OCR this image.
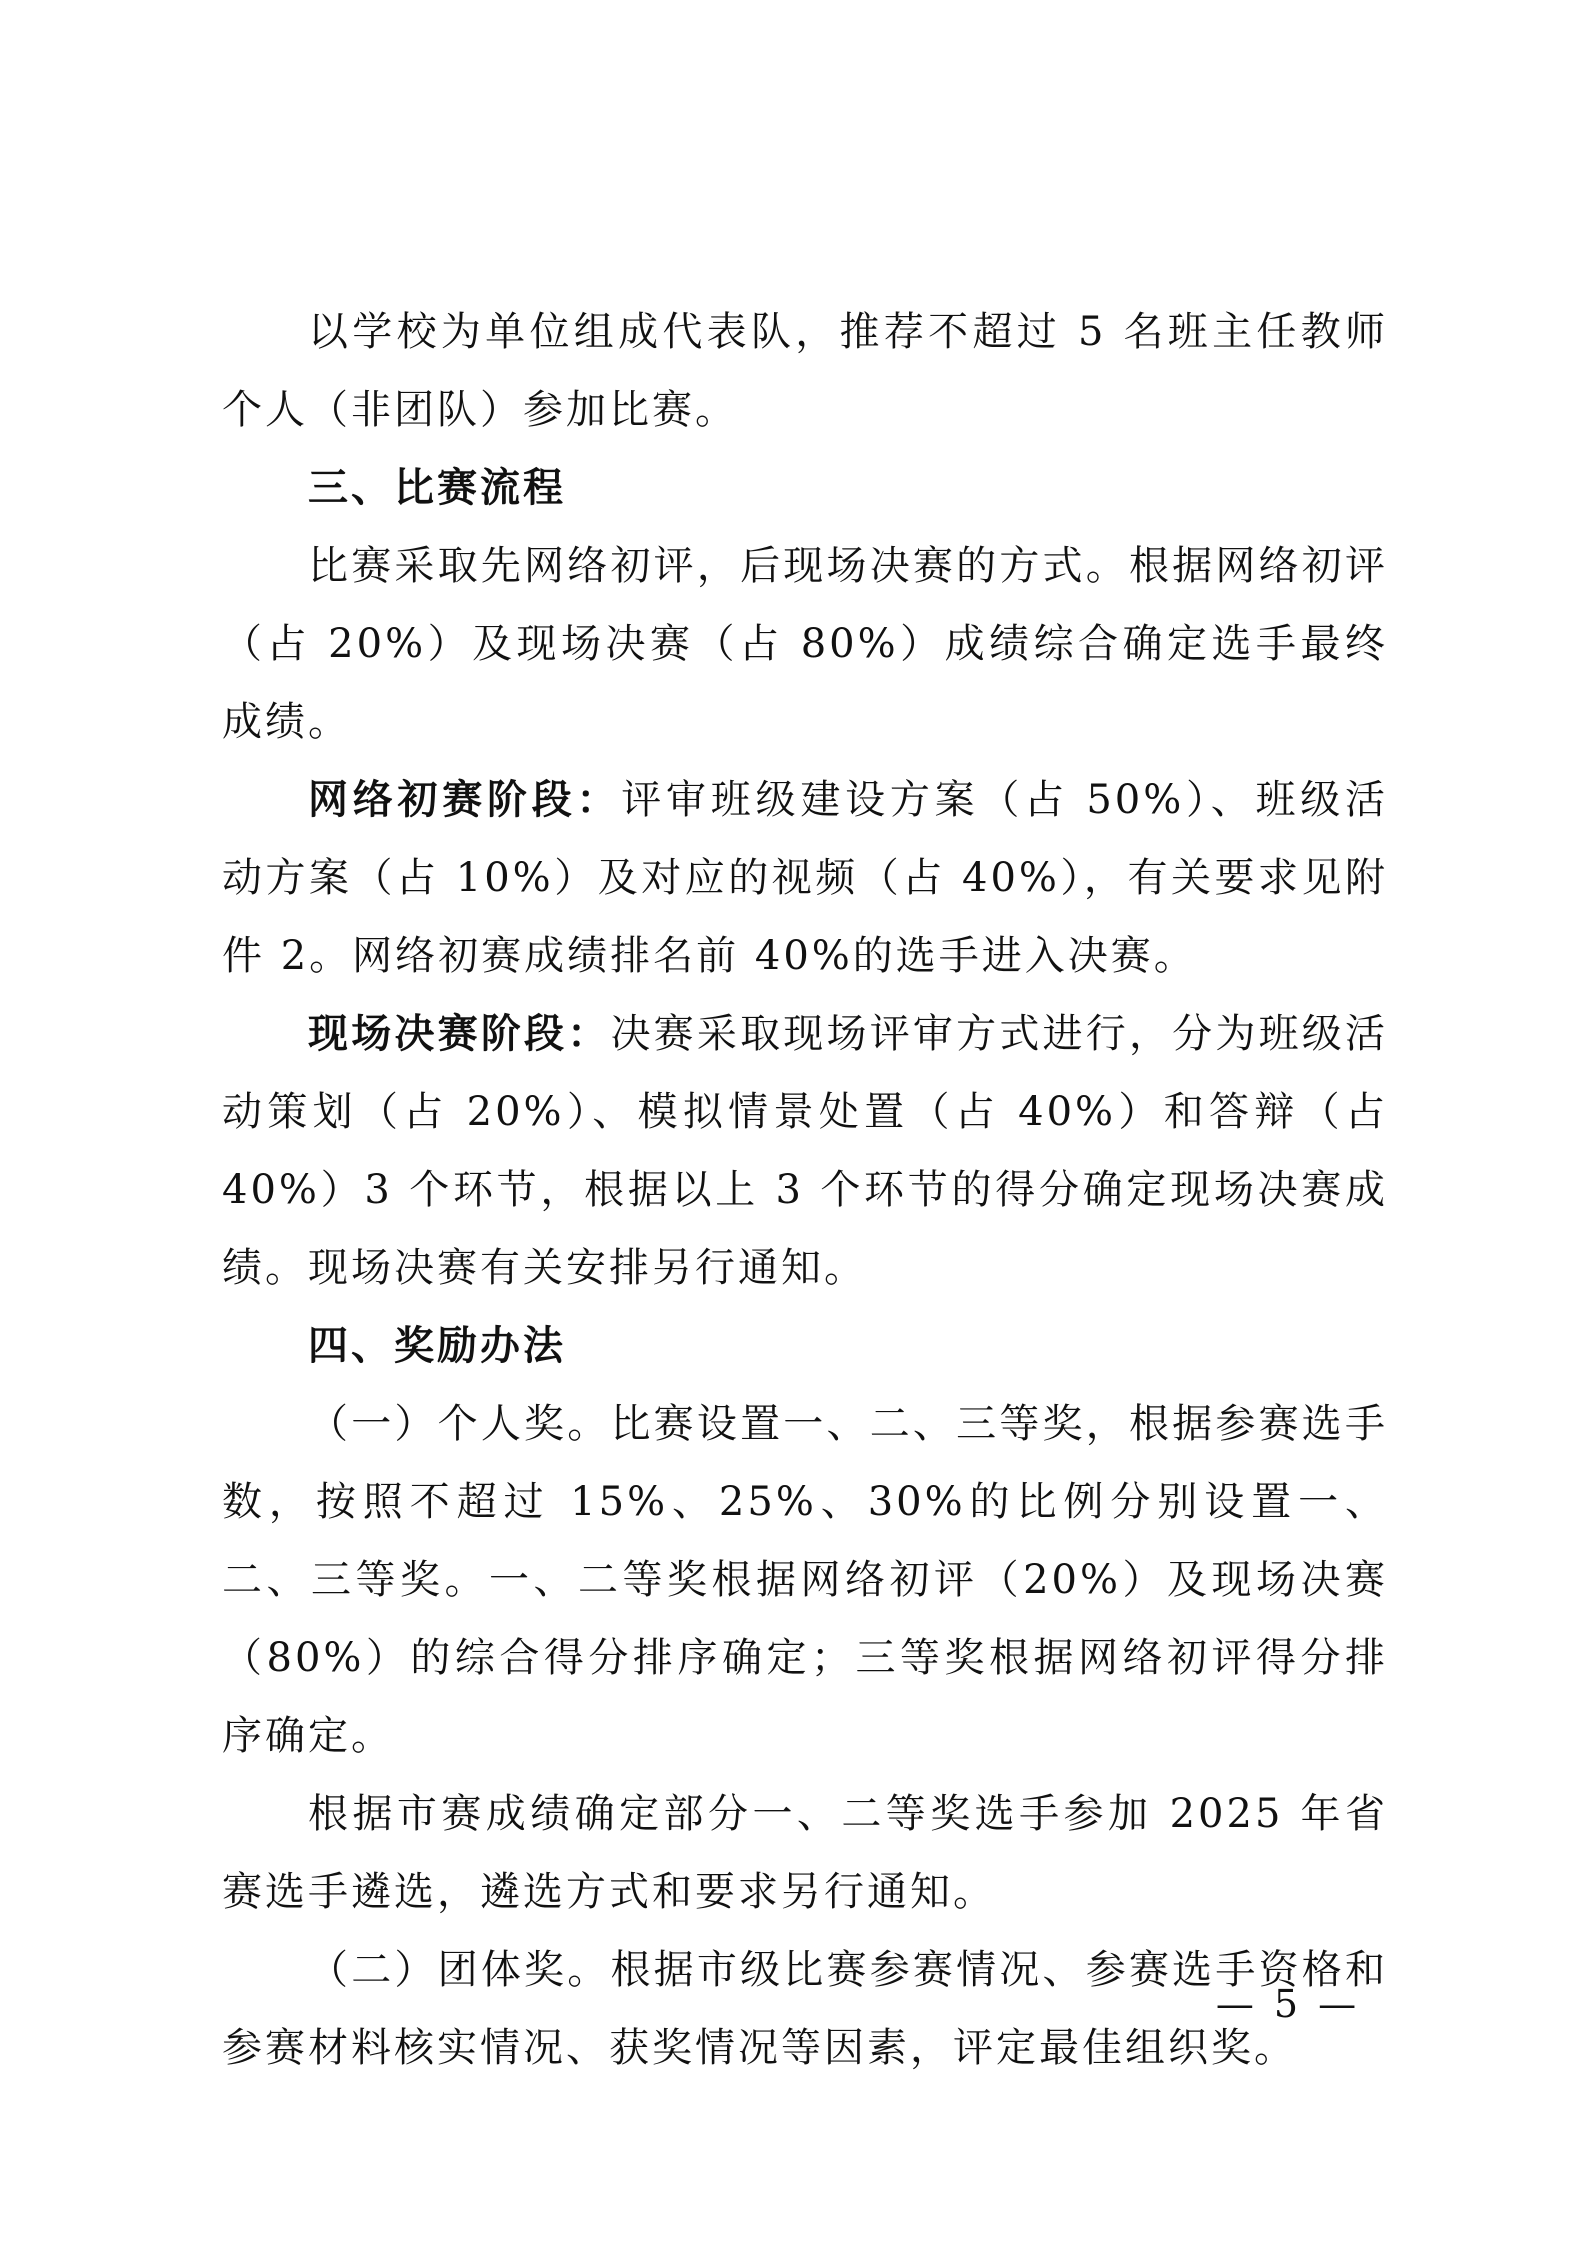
以学校为单位组成代表队，推荐不超过 5 名班主任教师个人（非团队）参加比赛。

三、比赛流程

比赛采取先网络初评，后现场决赛的方式。根据网络初评（占 20%）及现场决赛（占 80%）成绩综合确定选手最终成绩。

网络初赛阶段：评审班级建设方案（占 50%）、班级活动方案（占 10%）及对应的视频（占 40%），有关要求见附件 2。网络初赛成绩排名前 40%的选手进入决赛。

现场决赛阶段：决赛采取现场评审方式进行，分为班级活动策划（占 20%）、模拟情景处置（占 40%）和答辩（占 40%）3 个环节，根据以上 3 个环节的得分确定现场决赛成绩。现场决赛有关安排另行通知。

四、奖励办法

（一）个人奖。比赛设置一、二、三等奖，根据参赛选手数，按照不超过 15%、25%、30%的比例分别设置一、二、三等奖。一、二等奖根据网络初评（20%）及现场决赛（80%）的综合得分排序确定；三等奖根据网络初评得分排序确定。

根据市赛成绩确定部分一、二等奖选手参加 2025 年省赛选手遴选，遴选方式和要求另行通知。

（二）团体奖。根据市级比赛参赛情况、参赛选手资格和参赛材料核实情况、获奖情况等因素，评定最佳组织奖。

— 5 —
